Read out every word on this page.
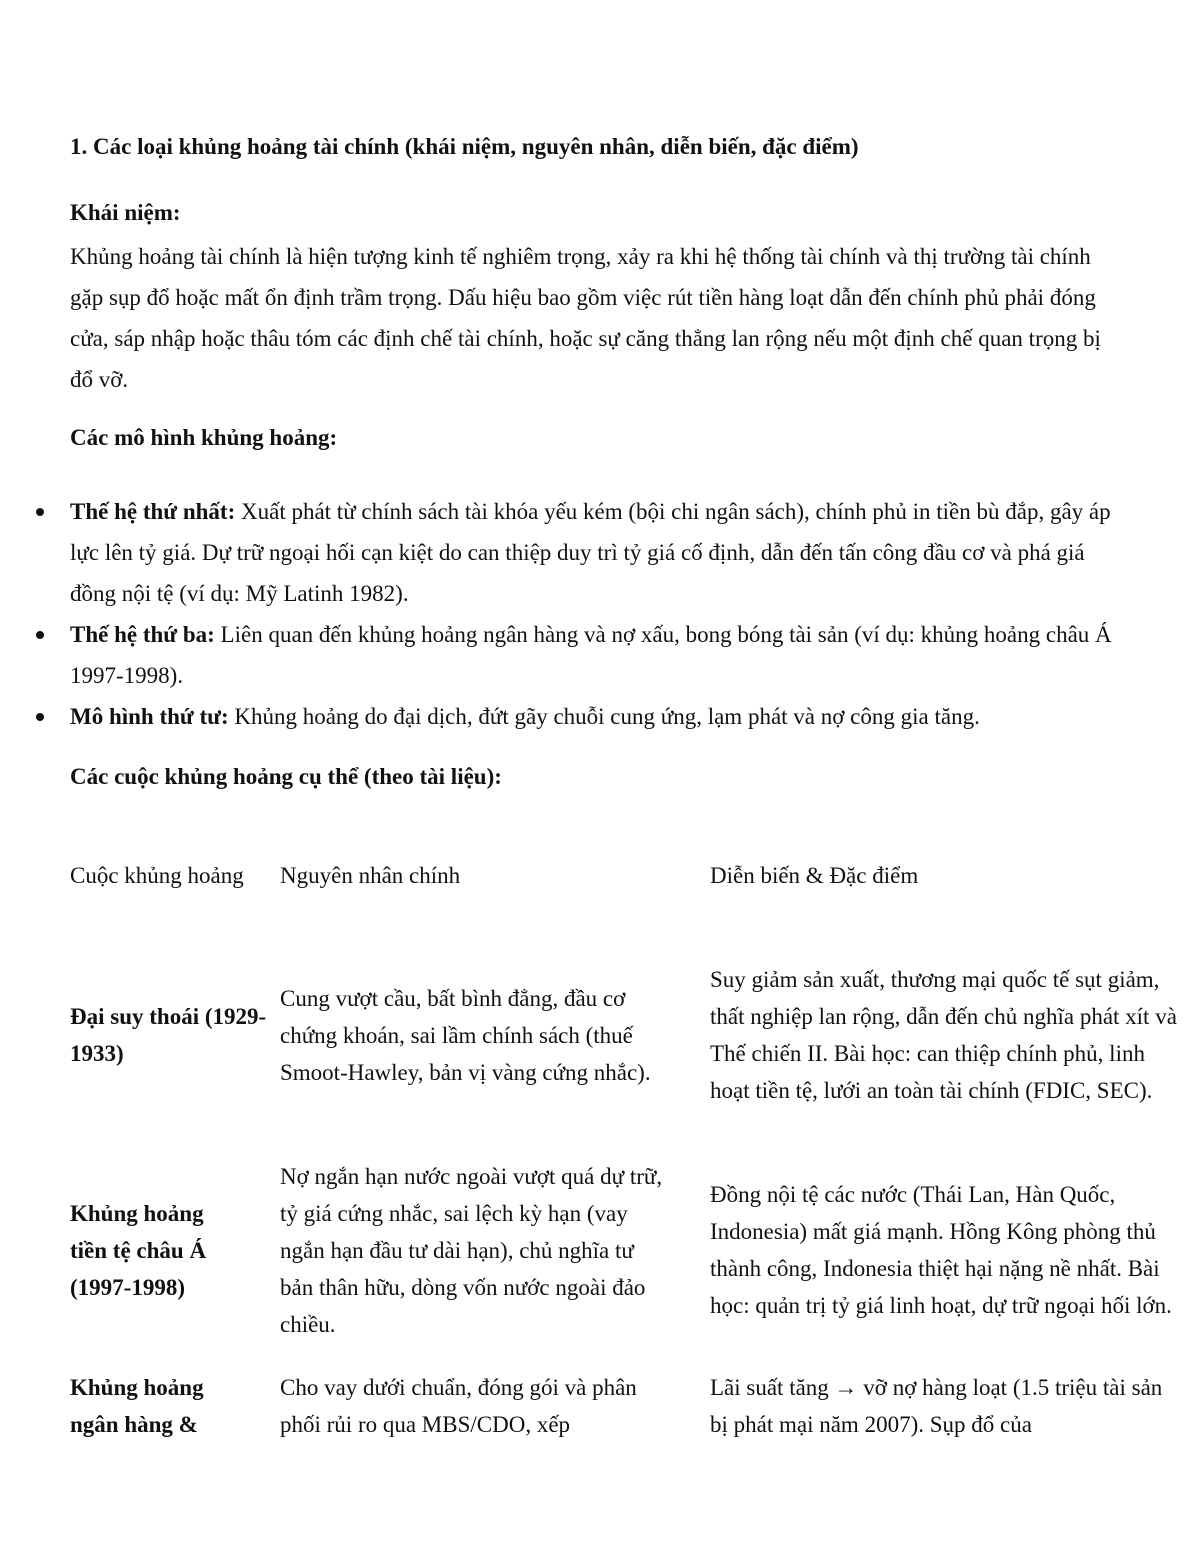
1. Các loại khủng hoảng tài chính (khái niệm, nguyên nhân, diễn biến, đặc điểm)
Khái niệm:
Khủng hoảng tài chính là hiện tượng kinh tế nghiêm trọng, xảy ra khi hệ thống tài chính và thị trường tài chính gặp sụp đổ hoặc mất ổn định trầm trọng. Dấu hiệu bao gồm việc rút tiền hàng loạt dẫn đến chính phủ phải đóng cửa, sáp nhập hoặc thâu tóm các định chế tài chính, hoặc sự căng thẳng lan rộng nếu một định chế quan trọng bị đổ vỡ.
Các mô hình khủng hoảng:
Thế hệ thứ nhất: Xuất phát từ chính sách tài khóa yếu kém (bội chi ngân sách), chính phủ in tiền bù đắp, gây áp lực lên tỷ giá. Dự trữ ngoại hối cạn kiệt do can thiệp duy trì tỷ giá cố định, dẫn đến tấn công đầu cơ và phá giá đồng nội tệ (ví dụ: Mỹ Latinh 1982).
Thế hệ thứ ba: Liên quan đến khủng hoảng ngân hàng và nợ xấu, bong bóng tài sản (ví dụ: khủng hoảng châu Á 1997-1998).
Mô hình thứ tư: Khủng hoảng do đại dịch, đứt gãy chuỗi cung ứng, lạm phát và nợ công gia tăng.
Các cuộc khủng hoảng cụ thể (theo tài liệu):
Cuộc khủng hoảng	Nguyên nhân chính	Diễn biến & Đặc điểm
Đại suy thoái (1929-1933)
Cung vượt cầu, bất bình đẳng, đầu cơ chứng khoán, sai lầm chính sách (thuế Smoot-Hawley, bản vị vàng cứng nhắc).
Suy giảm sản xuất, thương mại quốc tế sụt giảm, thất nghiệp lan rộng, dẫn đến chủ nghĩa phát xít và Thế chiến II. Bài học: can thiệp chính phủ, linh hoạt tiền tệ, lưới an toàn tài chính (FDIC, SEC).
Khủng hoảng tiền tệ châu Á (1997-1998)
Nợ ngắn hạn nước ngoài vượt quá dự trữ, tỷ giá cứng nhắc, sai lệch kỳ hạn (vay ngắn hạn đầu tư dài hạn), chủ nghĩa tư bản thân hữu, dòng vốn nước ngoài đảo chiều.
Đồng nội tệ các nước (Thái Lan, Hàn Quốc, Indonesia) mất giá mạnh. Hồng Kông phòng thủ thành công, Indonesia thiệt hại nặng nề nhất. Bài học: quản trị tỷ giá linh hoạt, dự trữ ngoại hối lớn.
Khủng hoảng ngân hàng &
Cho vay dưới chuẩn, đóng gói và phân phối rủi ro qua MBS/CDO, xếp
Lãi suất tăng → vỡ nợ hàng loạt (1.5 triệu tài sản bị phát mại năm 2007). Sụp đổ của
